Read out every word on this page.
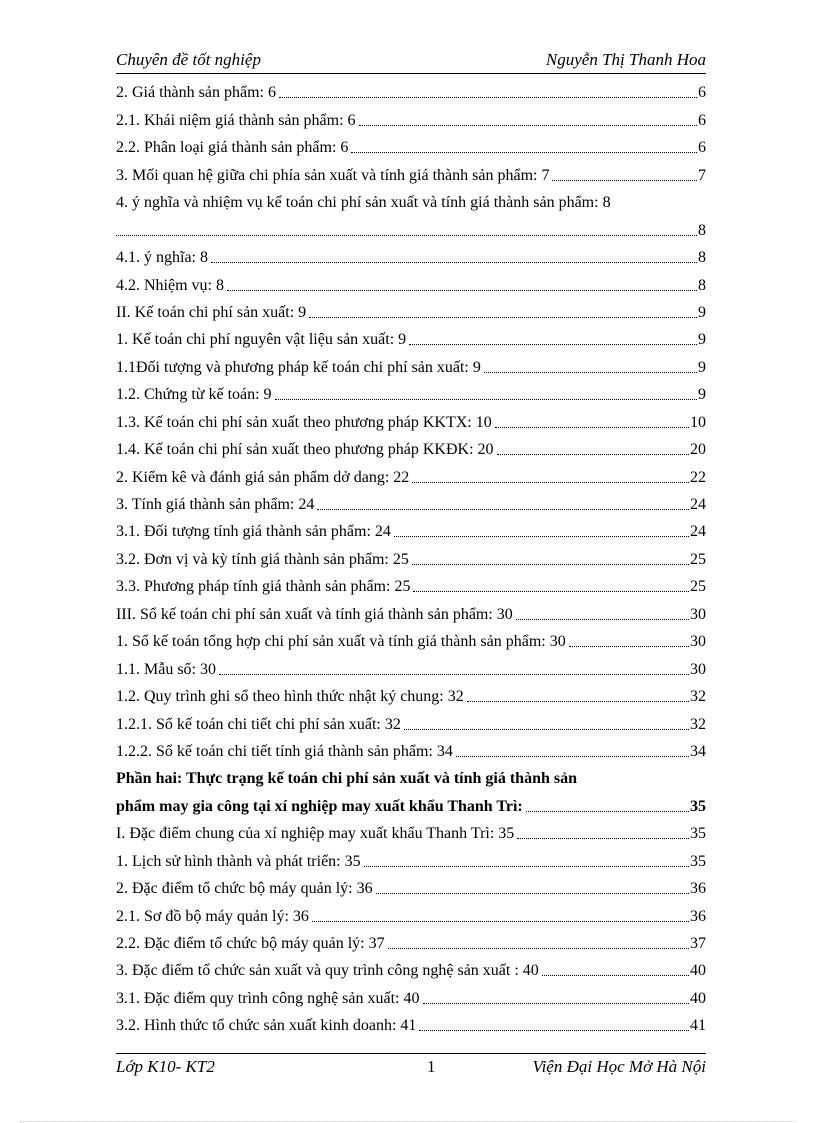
Chuyên đề tốt nghiệp	Nguyễn Thị Thanh Hoa
2. Giá thành sản phẩm: 6	6
2.1. Khái niệm giá thành sản phẩm: 6	6
2.2. Phân loại giá thành sản phẩm: 6	6
3. Mối quan hệ giữa chi phía sản xuất và tính giá thành sản phẩm: 7	7
4. ý nghĩa và nhiệm vụ kế toán chi phí sản xuất và tính giá thành sản phẩm: 8
8
4.1. ý nghĩa: 8	8
4.2. Nhiệm vụ: 8	8
II. Kế toán chi phí sản xuất: 9	9
1. Kế toán chi phí nguyên vật liệu sản xuất: 9	9
1.1Đối tượng và phương pháp kế toán chi phí sản xuất: 9	9
1.2. Chứng từ kế toán: 9	9
1.3. Kế toán chi phí sản xuất theo phương pháp KKTX: 10	10
1.4. Kế toán chi phí sản xuất theo phương pháp KKĐK: 20	20
2. Kiểm kê và đánh giá sản phẩm dở dang: 22	22
3. Tính giá thành sản phẩm: 24	24
3.1. Đối tượng tính giá thành sản phẩm: 24	24
3.2. Đơn vị và kỳ tính giá thành sản phẩm: 25	25
3.3. Phương pháp tính giá thành sản phẩm: 25	25
III. Sổ kế toán chi phí sản xuất và tính giá thành sản phẩm: 30	30
1. Sổ kế toán tổng hợp chi phí sản xuất và tính giá thành sản phẩm: 30	30
1.1. Mẫu sổ: 30	30
1.2. Quy trình ghi sổ theo hình thức nhật ký chung: 32	32
1.2.1. Sổ kế toán chi tiết chi phí sản xuất: 32	32
1.2.2. Sổ kế toán chi tiết tính giá thành sản phẩm: 34	34
Phần hai: Thực trạng kế toán chi phí sản xuất và tính giá thành sản
phẩm may gia công tại xí nghiệp may xuất khẩu Thanh Trì:	35
I. Đặc điểm chung của xí nghiệp may xuất khẩu Thanh Trì: 35	35
1. Lịch sử hình thành và phát triển: 35	35
2. Đặc điểm tổ chức bộ máy quản lý: 36	36
2.1. Sơ đồ bộ máy quản lý: 36	36
2.2. Đặc điểm tổ chức bộ máy quản lý: 37	37
3. Đặc điểm tổ chức sản xuất và quy trình công nghệ sản xuất : 40	40
3.1. Đặc điểm quy trình công nghệ sản xuất: 40	40
3.2. Hình thức tổ chức sản xuất kinh doanh: 41	41
Lớp K10- KT2	1	Viện Đại Học Mở Hà Nội
